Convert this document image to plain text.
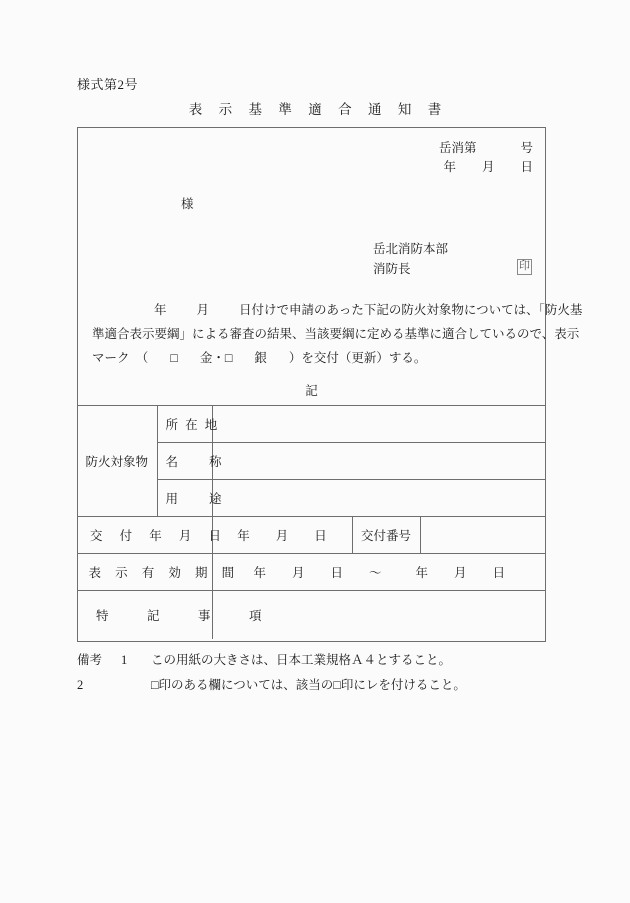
様式第2号
表 示 基 準 適 合 通 知 書
岳消第	号
年 月 日
様
岳北消防本部
消防長	印
年 月 日付けで申請のあった下記の防火対象物については、「防火基
準適合表示要綱」による審査の結果、当該要綱に定める基準に適合しているので、表示
マーク　（ □ 金・□ 銀 ）を交付（更新）する。
記				
防火対象物	所 在 地			
	名　　称			
	用　　途			
交 付 年 月 日		年 月 日	交付番号	
表 示 有 効 期 間		年 月 日 〜 年 月 日		
特　記　事　項				
備考 1 この用紙の大きさは、日本工業規格Ａ４とすること。
2	□印のある欄については、該当の□印にレを付けること。
